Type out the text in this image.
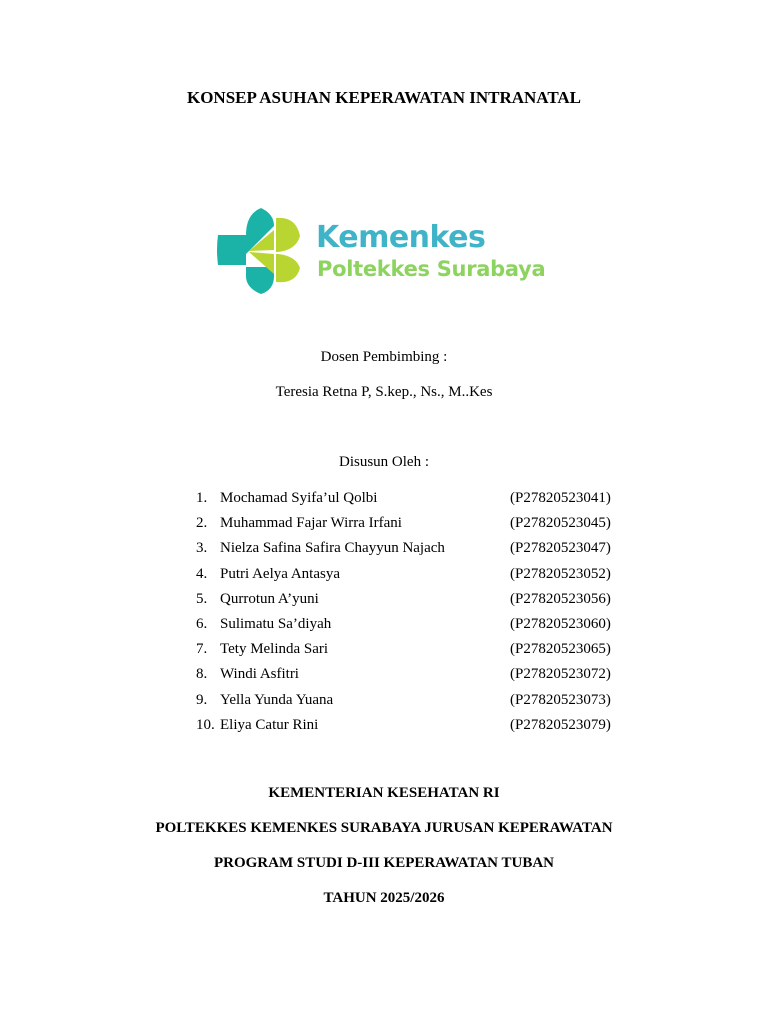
KONSEP ASUHAN KEPERAWATAN INTRANATAL
Kemenkes
Poltekkes Surabaya
Dosen Pembimbing :
Teresia Retna P, S.kep., Ns., M..Kes
Disusun Oleh :
1. Mochamad Syifa’ul Qolbi	(P27820523041)
2. Muhammad Fajar Wirra Irfani	(P27820523045)
3. Nielza Safina Safira Chayyun Najach	(P27820523047)
4. Putri Aelya Antasya	(P27820523052)
5. Qurrotun A’yuni	(P27820523056)
6. Sulimatu Sa’diyah	(P27820523060)
7. Tety Melinda Sari	(P27820523065)
8. Windi Asfitri	(P27820523072)
9. Yella Yunda Yuana	(P27820523073)
10. Eliya Catur Rini	(P27820523079)
KEMENTERIAN KESEHATAN RI
POLTEKKES KEMENKES SURABAYA JURUSAN KEPERAWATAN
PROGRAM STUDI D-III KEPERAWATAN TUBAN
TAHUN 2025/2026
